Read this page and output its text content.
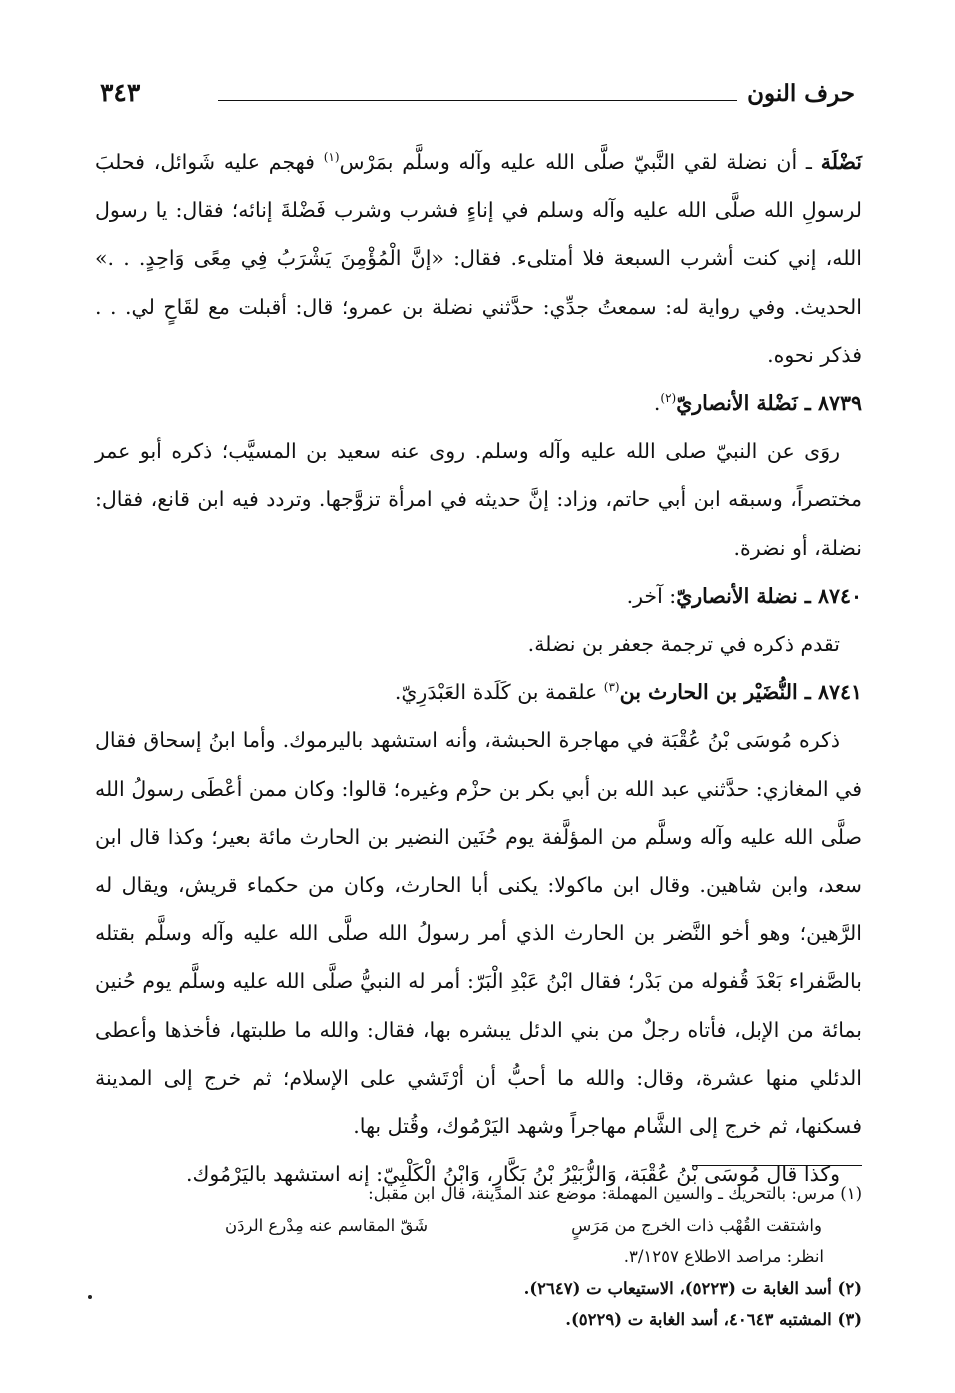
حرف النون
٣٤٣

نَضْلَة ـ أن نضلة لقي النَّبيّ صلَّى الله عليه وآله وسلَّم بمَرْس$^{(١)}$ فهجم عليه شَوائل، فحلبَ لرسولِ الله صلَّى الله عليه وآله وسلم في إناءٍ فشرب وشرب فَضْلةَ إنائه؛ فقال: يا رسول الله، إني كنت أشرب السبعة فلا أمتلىء. فقال: «إنَّ الْمُؤْمِنَ يَشْرَبُ فِي مِعًى وَاحِدٍ. . .» الحديث. وفي رواية له: سمعتُ جدِّي: حدَّثني نضلة بن عمرو؛ قال: أقبلت مع لقَاحٍ لي. . . فذكر نحوه.

٨٧٣٩ ـ نَضْلة الأنصاريّ$^{(٢)}$.

روَى عن النبيّ صلى الله عليه وآله وسلم. روى عنه سعيد بن المسيَّب؛ ذكره أبو عمر مختصراً، وسبقه ابن أبي حاتم، وزاد: إنَّ حديثه في امرأة تزوَّجها. وتردد فيه ابن قانع، فقال: نضلة، أو نضرة.

٨٧٤٠ ـ نضلة الأنصاريّ: آخر.

تقدم ذكره في ترجمة جعفر بن نضلة.

٨٧٤١ ـ النُّضَيْر بن الحارث بن$^{(٣)}$ علقمة بن كَلَدة العَبْدَرِيّ.

ذكره مُوسَى بْنُ عُقْبَة في مهاجرة الحبشة، وأنه استشهد باليرموك. وأما ابنُ إسحاق فقال في المغازي: حدَّثني عبد الله بن أبي بكر بن حزْم وغيره؛ قالوا: وكان ممن أعْطَى رسولُ الله صلَّى الله عليه وآله وسلَّم من المؤلَّفة يوم حُنَين النضير بن الحارث مائة بعير؛ وكذا قال ابن سعد، وابن شاهين. وقال ابن ماكولا: يكنى أبا الحارث، وكان من حكماء قريش، ويقال له الرَّهين؛ وهو أخو النَّضر بن الحارث الذي أمر رسولُ الله صلَّى الله عليه وآله وسلَّم بقتله بالصَّفراء بَعْدَ قُفوله من بَدْر؛ فقال ابْنُ عَبْدِ الْبَرّ: أمر له النبيُّ صلَّى الله عليه وسلَّم يوم حُنين بمائة من الإبل، فأتاه رجلٌ من بني الدئل يبشره بها، فقال: والله ما طلبتها، فأخذها وأعطى الدئلي منها عشرة، وقال: والله ما أحبُّ أن أرْتَشي على الإسلام؛ ثم خرج إلى المدينة فسكنها، ثم خرج إلى الشَّام مهاجراً وشهد اليَرْمُوك، وقُتل بها.

وكذا قال مُوسَى بْنُ عُقْبَة، وَالزُّبَيْرُ بْنُ بَكَّارٍ، وَابْنُ الْكَلْبِيّ: إنه استشهد باليَرْمُوك.

(١) مرس: بالتحريك ـ والسين المهملة: موضع عند المدينة، قال ابن مقبل:

واشتقت القُهْب ذات الخرج من مَرَسٍ
شَقّ المقاسم عنه مِدْرع الردَن

انظر: مراصد الاطلاع ٣/١٢٥٧.

(٢) أسد الغابة ت (٥٢٢٣)، الاستيعاب ت (٢٦٤٧).

(٣) المشتبه ٤٠٦٤٣، أسد الغابة ت (٥٢٢٩).
